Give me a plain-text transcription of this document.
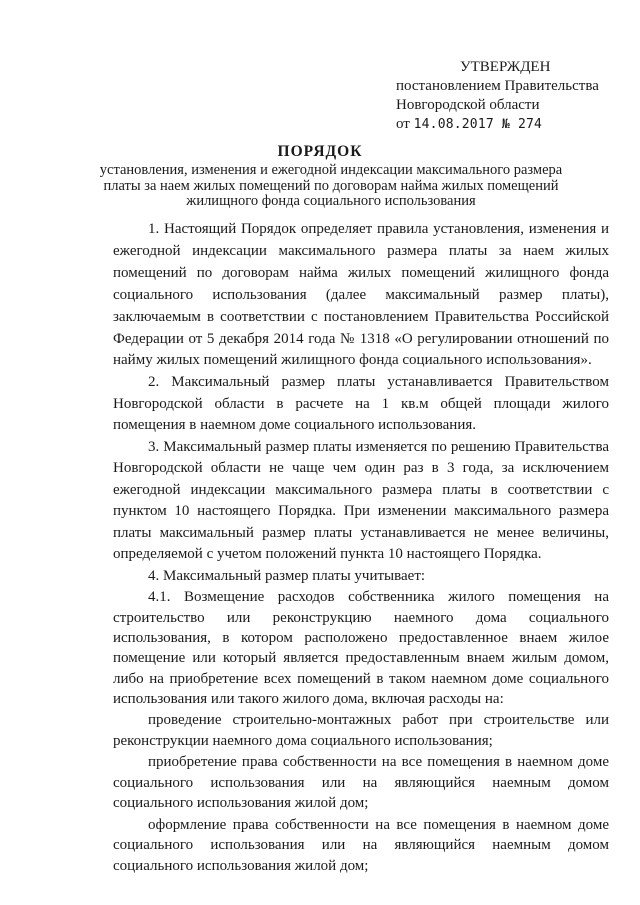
УТВЕРЖДЕН
постановлением Правительства
Новгородской области
от 14.08.2017 № 274
ПОРЯДОК
установления, изменения и ежегодной индексации максимального размера платы за наем жилых помещений по договорам найма жилых помещений жилищного фонда социального использования

1. Настоящий Порядок определяет правила установления, изменения и ежегодной индексации максимального размера платы за наем жилых помещений по договорам найма жилых помещений жилищного фонда социального использования (далее максимальный размер платы), заключаемым в соответствии с постановлением Правительства Российской Федерации от 5 декабря 2014 года № 1318 «О регулировании отношений по найму жилых помещений жилищного фонда социального использования».

2. Максимальный размер платы устанавливается Правительством Новгородской области в расчете на 1 кв.м общей площади жилого помещения в наемном доме социального использования.

3. Максимальный размер платы изменяется по решению Правительства Новгородской области не чаще чем один раз в 3 года, за исключением ежегодной индексации максимального размера платы в соответствии с пунктом 10 настоящего Порядка. При изменении максимального размера платы максимальный размер платы устанавливается не менее величины, определяемой с учетом положений пункта 10 настоящего Порядка.

4. Максимальный размер платы учитывает:

4.1. Возмещение расходов собственника жилого помещения на строительство или реконструкцию наемного дома социального использования, в котором расположено предоставленное внаем жилое помещение или который является предоставленным внаем жилым домом, либо на приобретение всех помещений в таком наемном доме социального использования или такого жилого дома, включая расходы на:

проведение строительно-монтажных работ при строительстве или реконструкции наемного дома социального использования;

приобретение права собственности на все помещения в наемном доме социального использования или на являющийся наемным домом социального использования жилой дом;

оформление права собственности на все помещения в наемном доме социального использования или на являющийся наемным домом социального использования жилой дом;
